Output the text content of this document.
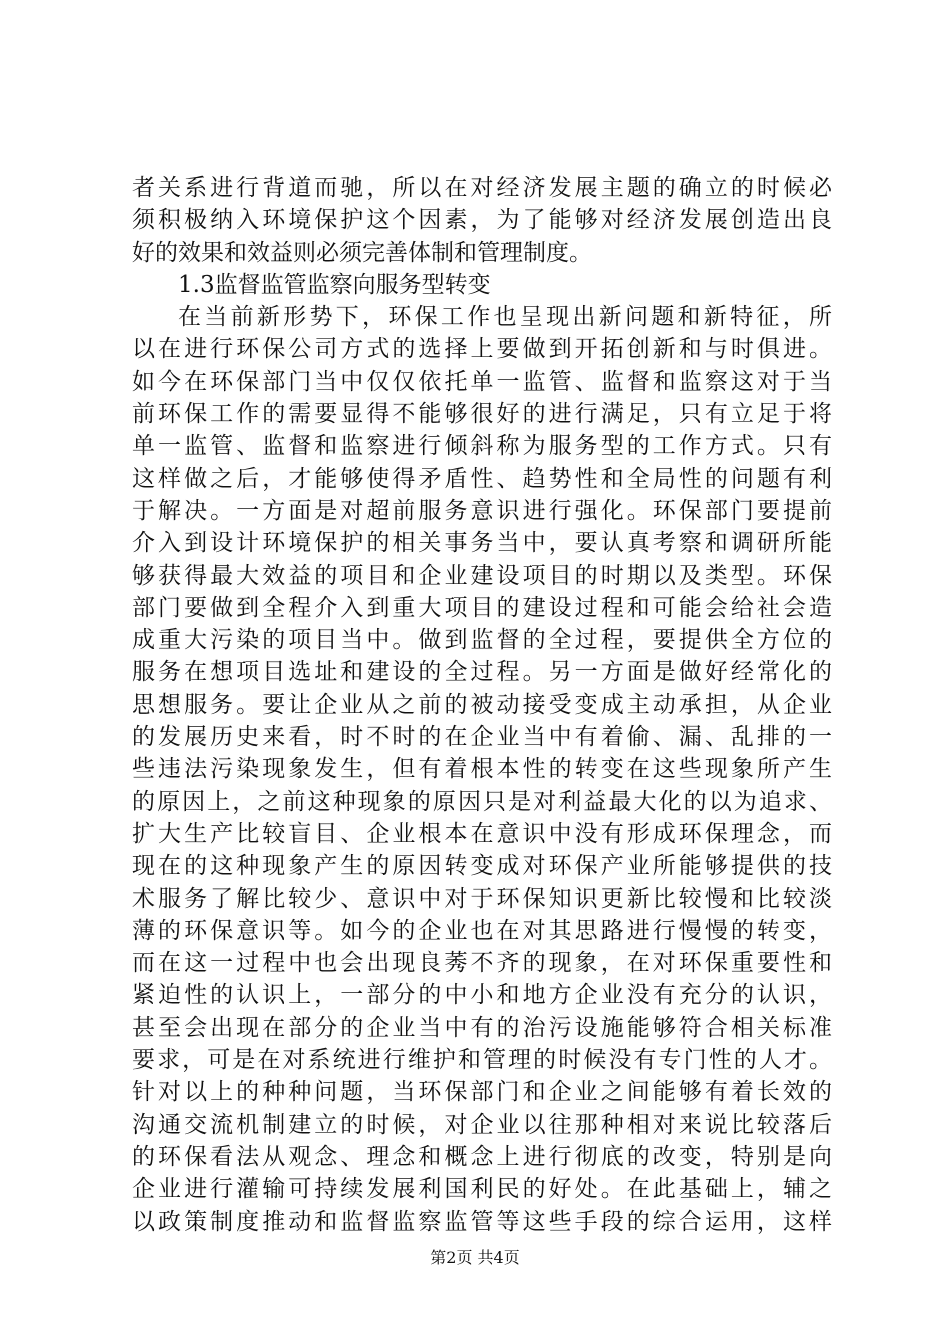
者关系进行背道而驰，所以在对经济发展主题的确立的时候必
须积极纳入环境保护这个因素，为了能够对经济发展创造出良
好的效果和效益则必须完善体制和管理制度。
1.3监督监管监察向服务型转变
在当前新形势下，环保工作也呈现出新问题和新特征，所
以在进行环保公司方式的选择上要做到开拓创新和与时俱进。
如今在环保部门当中仅仅依托单一监管、监督和监察这对于当
前环保工作的需要显得不能够很好的进行满足，只有立足于将
单一监管、监督和监察进行倾斜称为服务型的工作方式。只有
这样做之后，才能够使得矛盾性、趋势性和全局性的问题有利
于解决。一方面是对超前服务意识进行强化。环保部门要提前
介入到设计环境保护的相关事务当中，要认真考察和调研所能
够获得最大效益的项目和企业建设项目的时期以及类型。环保
部门要做到全程介入到重大项目的建设过程和可能会给社会造
成重大污染的项目当中。做到监督的全过程，要提供全方位的
服务在想项目选址和建设的全过程。另一方面是做好经常化的
思想服务。要让企业从之前的被动接受变成主动承担，从企业
的发展历史来看，时不时的在企业当中有着偷、漏、乱排的一
些违法污染现象发生，但有着根本性的转变在这些现象所产生
的原因上，之前这种现象的原因只是对利益最大化的以为追求、
扩大生产比较盲目、企业根本在意识中没有形成环保理念，而
现在的这种现象产生的原因转变成对环保产业所能够提供的技
术服务了解比较少、意识中对于环保知识更新比较慢和比较淡
薄的环保意识等。如今的企业也在对其思路进行慢慢的转变，
而在这一过程中也会出现良莠不齐的现象，在对环保重要性和
紧迫性的认识上，一部分的中小和地方企业没有充分的认识，
甚至会出现在部分的企业当中有的治污设施能够符合相关标准
要求，可是在对系统进行维护和管理的时候没有专门性的人才。
针对以上的种种问题，当环保部门和企业之间能够有着长效的
沟通交流机制建立的时候，对企业以往那种相对来说比较落后
的环保看法从观念、理念和概念上进行彻底的改变，特别是向
企业进行灌输可持续发展利国利民的好处。在此基础上，辅之
以政策制度推动和监督监察监管等这些手段的综合运用，这样
第2页 共4页
